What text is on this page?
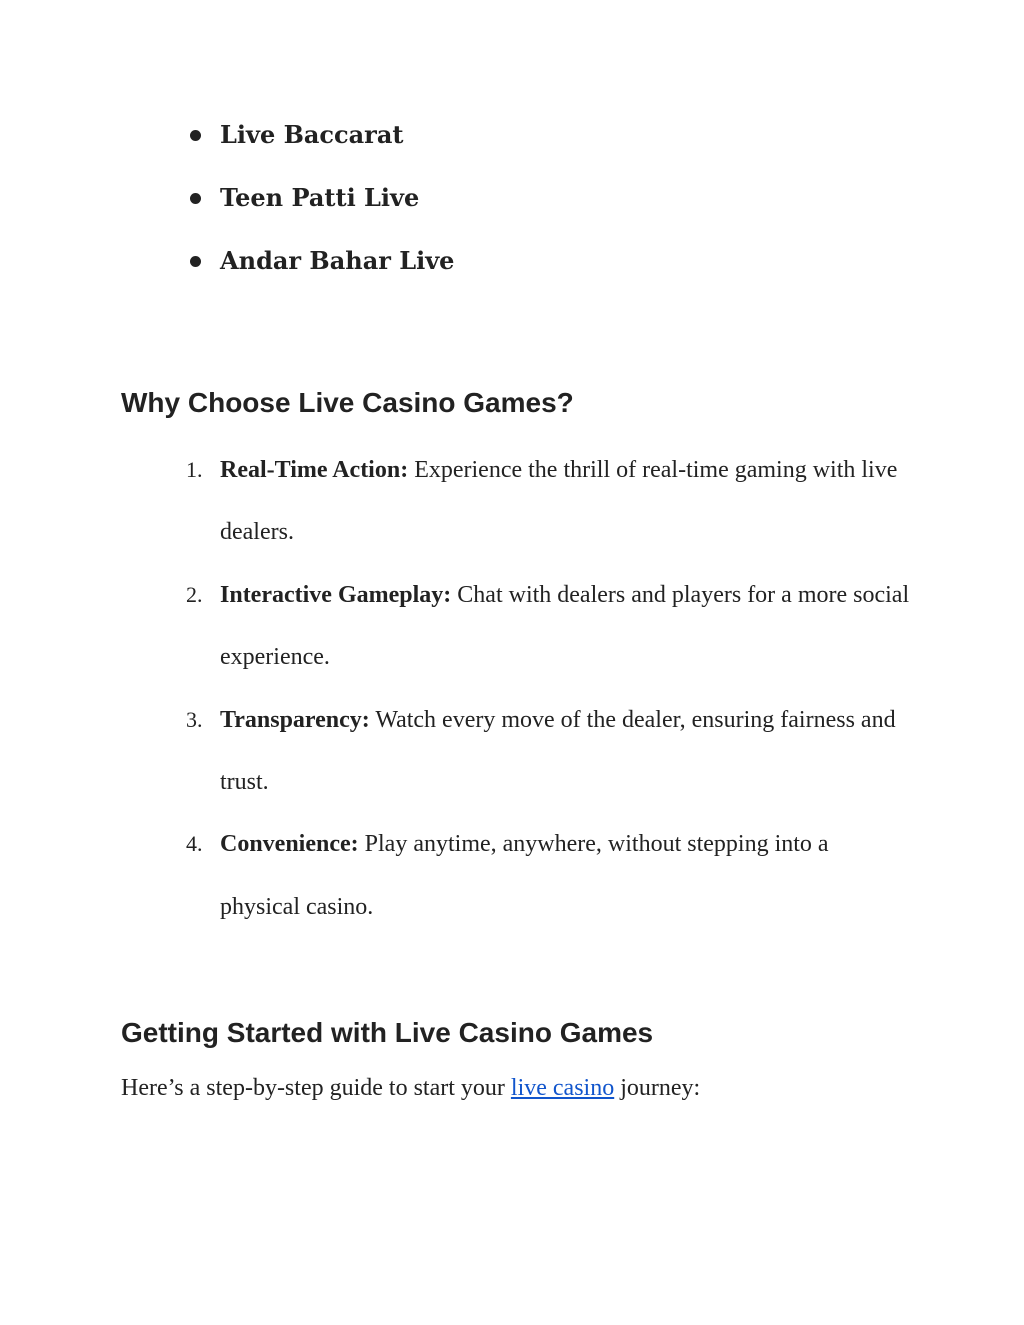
Live Baccarat
Teen Patti Live
Andar Bahar Live
Why Choose Live Casino Games?
1. Real-Time Action: Experience the thrill of real-time gaming with live dealers.
2. Interactive Gameplay: Chat with dealers and players for a more social experience.
3. Transparency: Watch every move of the dealer, ensuring fairness and trust.
4. Convenience: Play anytime, anywhere, without stepping into a physical casino.
Getting Started with Live Casino Games

Here’s a step-by-step guide to start your live casino journey:
